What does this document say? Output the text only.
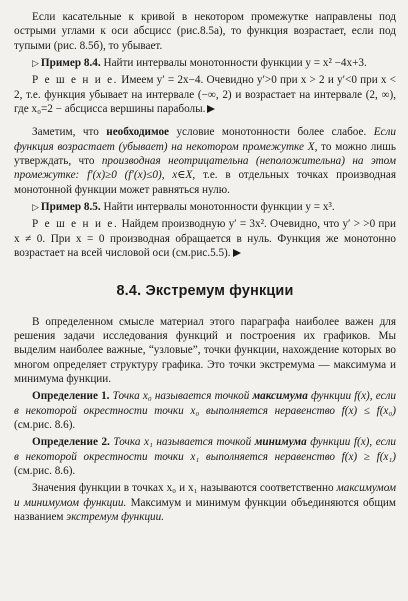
Если касательные к кривой в некотором промежутке направлены под острыми углами к оси абсцисс (рис.8.5а), то функция возрастает, если под тупыми (рис. 8.5б), то убывает.

▷ Пример 8.4. Найти интервалы монотонности функции y = x² −4x+3.

Р е ш е н и е. Имеем y′ = 2x−4. Очевидно y′>0 при x > 2 и y′<0 при x < 2, т.е. функция убывает на интервале (−∞, 2) и возрастает на интервале (2, ∞), где x₀=2 − абсцисса вершины параболы.

Заметим, что необходимое условие монотонности более слабое. Если функция возрастает (убывает) на некотором промежутке X, то можно лишь утверждать, что производная неотрицательна (неположительна) на этом промежутке: f′(x)≥0 (f′(x)≤0), x∈X, т.е. в отдельных точках производная монотонной функции может равняться нулю.

▷ Пример 8.5. Найти интервалы монотонности функции y = x³.

Р е ш е н и е. Найдем производную y′ = 3x². Очевидно, что y′ > >0 при x ≠ 0. При x = 0 производная обращается в нуль. Функция же монотонно возрастает на всей числовой оси (см.рис.5.5).

8.4. Экстремум функции

В определенном смысле материал этого параграфа наиболее важен для решения задачи исследования функций и построения их графиков. Мы выделим наиболее важные, “узловые”, точки функции, нахождение которых во многом определяет структуру графика. Это точки экстремума — максимума и минимума функции.

Определение 1. Точка x₀ называется точкой максимума функции f(x), если в некоторой окрестности точки x₀ выполняется неравенство f(x) ≤ f(x₀) (см.рис. 8.6).

Определение 2. Точка x₁ называется точкой минимума функции f(x), если в некоторой окрестности точки x₁ выполняется неравенство f(x) ≥ f(x₁) (см.рис. 8.6).

Значения функции в точках x₀ и x₁ называются соответственно максимумом и минимумом функции. Максимум и минимум функции объединяются общим названием экстремум функции.
